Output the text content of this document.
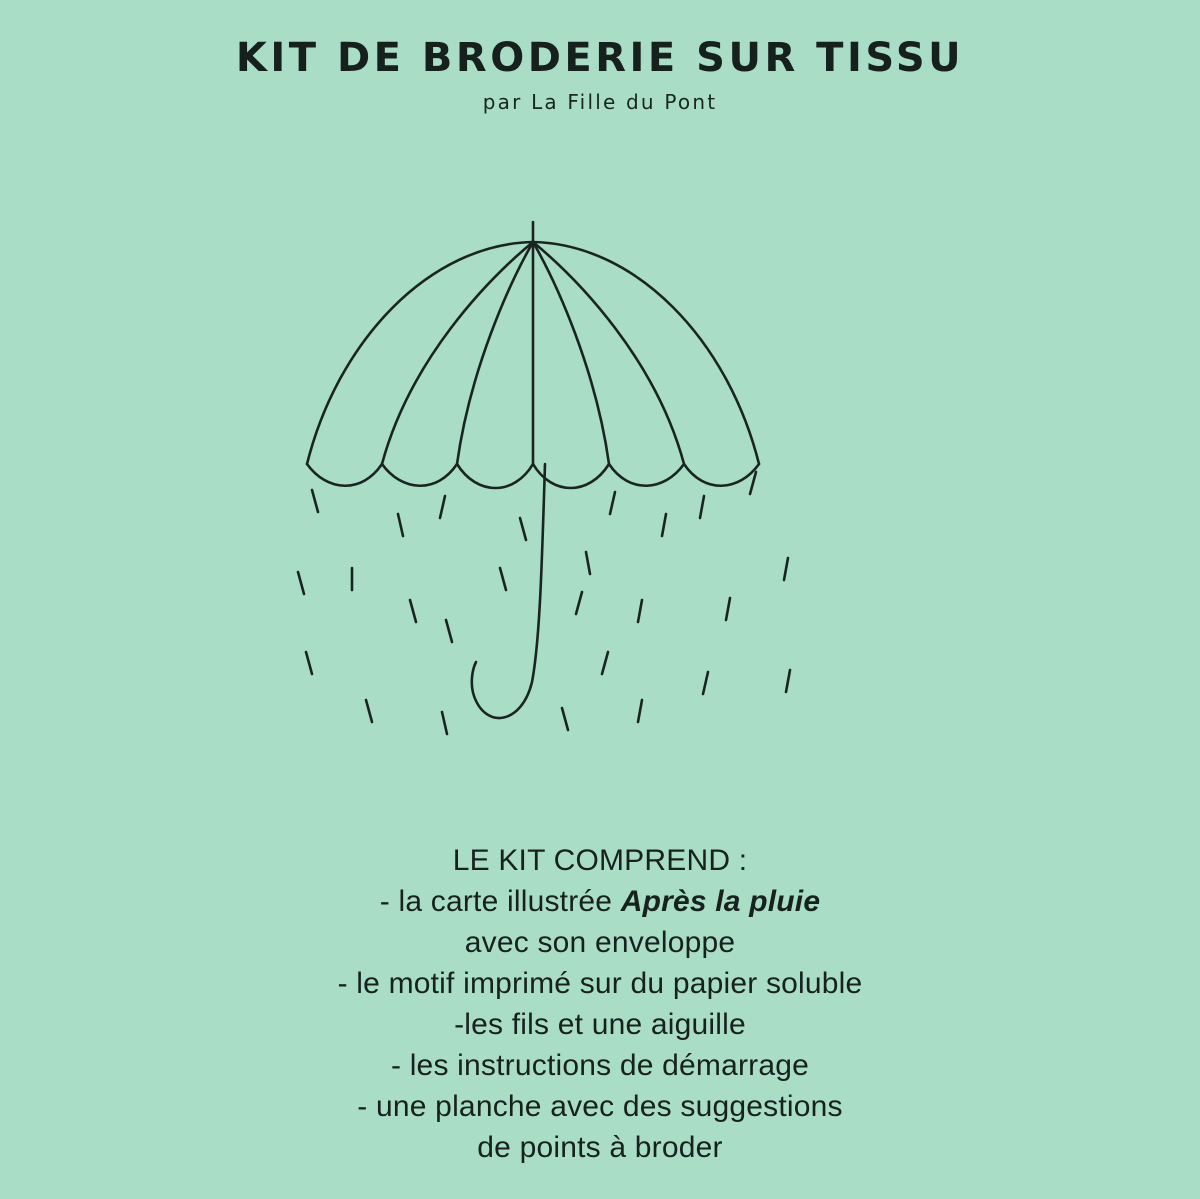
KIT DE BRODERIE SUR TISSU

par La Fille du Pont

LE KIT COMPREND :
- la carte illustrée Après la pluie
avec son enveloppe
- le motif imprimé sur du papier soluble
-les fils et une aiguille
- les instructions de démarrage
- une planche avec des suggestions
de points à broder
